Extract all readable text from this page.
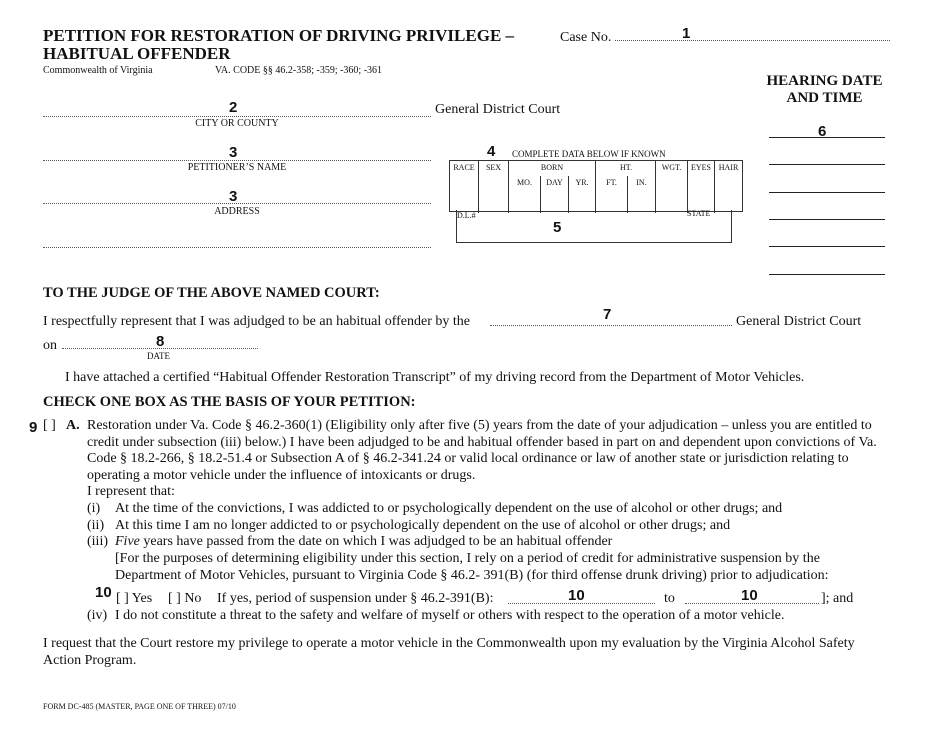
PETITION FOR RESTORATION OF DRIVING PRIVILEGE –
HABITUAL OFFENDER
Commonwealth of Virginia	VA. CODE §§ 46.2-358; -359; -360; -361
Case No.	1
HEARING DATE
AND TIME
6
2
CITY OR COUNTY
General District Court
3
PETITIONER’S NAME
3
ADDRESS
4 COMPLETE DATA BELOW IF KNOWN
RACE	SEX	BORN
MO.	DAY	YR.
HT.
FT.	IN.
WGT.	EYES HAIR
D.L.#	STATE
5
TO THE JUDGE OF THE ABOVE NAMED COURT:
I respectfully represent that I was adjudged to be an habitual offender by the	7	General District Court
on	8
DATE
I have attached a certified “Habitual Offender Restoration Transcript” of my driving record from the Department of Motor Vehicles.
CHECK ONE BOX AS THE BASIS OF YOUR PETITION:
9 [ ] A. Restoration under Va. Code § 46.2-360(1) (Eligibility only after five (5) years from the date of your adjudication – unless you are entitled to
credit under subsection (iii) below.) I have been adjudged to be and habitual offender based in part on and dependent upon convictions of Va.
Code § 18.2-266, § 18.2-51.4 or Subsection A of § 46.2-341.24 or valid local ordinance or law of another state or jurisdiction relating to
operating a motor vehicle under the influence of intoxicants or drugs.
I represent that:
(i) At the time of the convictions, I was addicted to or psychologically dependent on the use of alcohol or other drugs; and
(ii) At this time I am no longer addicted to or psychologically dependent on the use of alcohol or other drugs; and
(iii) Five years have passed from the date on which I was adjudged to be an habitual offender
[For the purposes of determining eligibility under this section, I rely on a period of credit for administrative suspension by the
Department of Motor Vehicles, pursuant to Virginia Code § 46.2- 391(B) (for third offense drunk driving) prior to adjudication:
10 [ ] Yes [ ] No If yes, period of suspension under § 46.2-391(B):	10	to	10	]; and
(iv) I do not constitute a threat to the safety and welfare of myself or others with respect to the operation of a motor vehicle.
I request that the Court restore my privilege to operate a motor vehicle in the Commonwealth upon my evaluation by the Virginia Alcohol Safety
Action Program.
FORM DC-485 (MASTER, PAGE ONE OF THREE) 07/10
